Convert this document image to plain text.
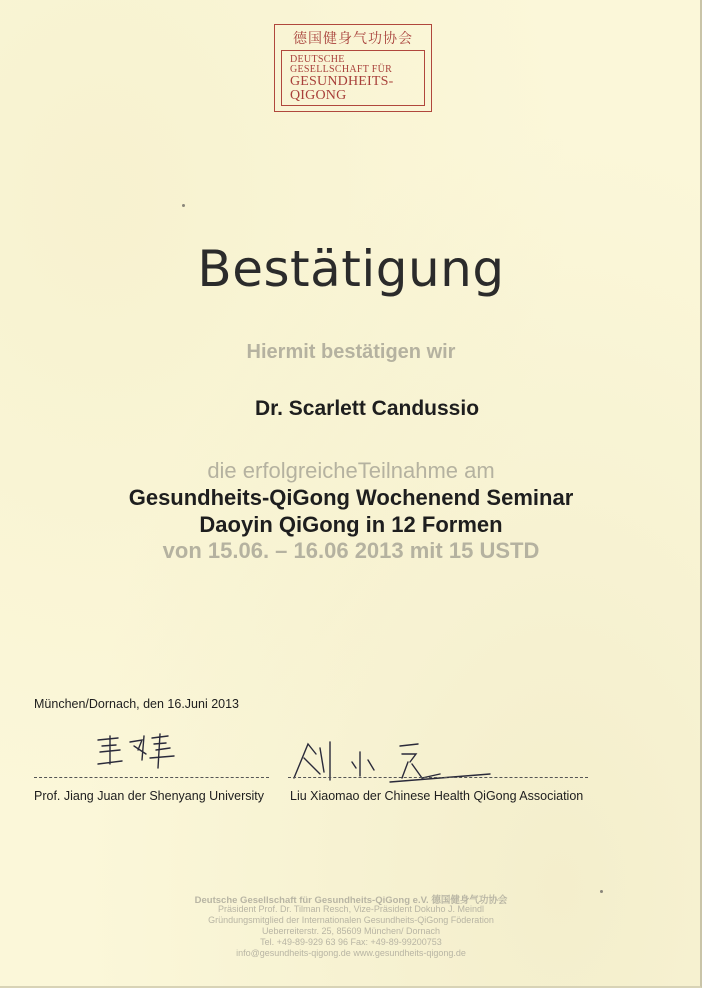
德国健身气功协会
DEUTSCHE
GESELLSCHAFT FÜR
GESUNDHEITS-
QIGONG
Bestätigung
Hiermit bestätigen wir
Dr. Scarlett Candussio
die erfolgreicheTeilnahme am
Gesundheits-QiGong Wochenend Seminar
Daoyin QiGong in 12 Formen
von 15.06. – 16.06 2013 mit 15 USTD
München/Dornach, den 16.Juni 2013
Prof. Jiang Juan der Shenyang University Liu Xiaomao der Chinese Health QiGong Association
Deutsche Gesellschaft für Gesundheits-QiGong e.V. 德国健身气功协会
Präsident Prof. Dr. Tilman Resch, Vize-Präsident Dokuho J. Meindl
Gründungsmitglied der Internationalen Gesundheits-QiGong Föderation
Ueberreiterstr. 25, 85609 München/ Dornach
Tel. +49-89-929 63 96 Fax: +49-89-99200753
info@gesundheits-qigong.de www.gesundheits-qigong.de
